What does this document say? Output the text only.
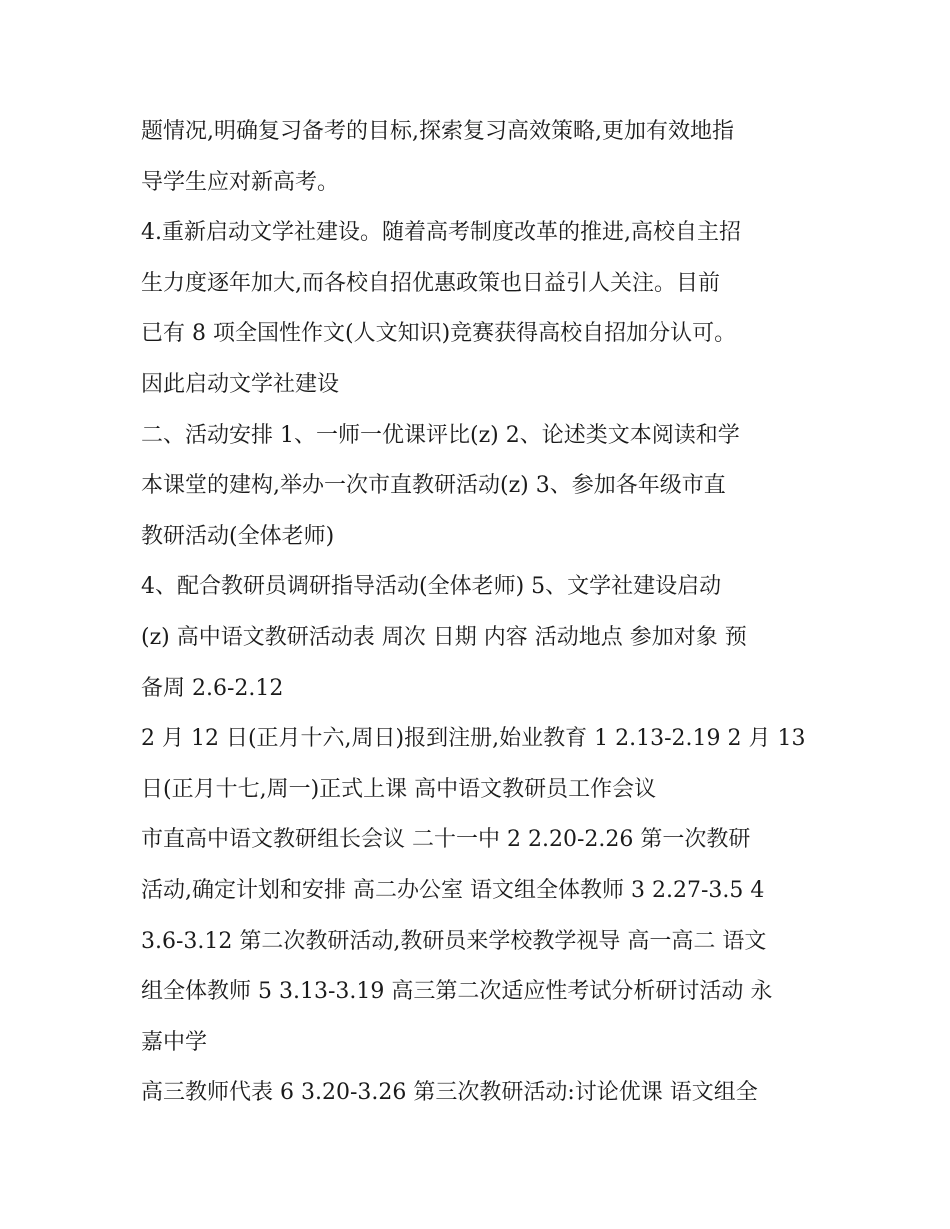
题情况,明确复习备考的目标,探索复习高效策略,更加有效地指
导学生应对新高考。
4.重新启动文学社建设。随着高考制度改革的推进,高校自主招
生力度逐年加大,而各校自招优惠政策也日益引人关注。目前
已有 8 项全国性作文(人文知识)竞赛获得高校自招加分认可。
因此启动文学社建设
二、活动安排 1、一师一优课评比(z) 2、论述类文本阅读和学
本课堂的建构,举办一次市直教研活动(z) 3、参加各年级市直
教研活动(全体老师)
4、配合教研员调研指导活动(全体老师) 5、文学社建设启动
(z) 高中语文教研活动表 周次 日期 内容 活动地点 参加对象 预
备周 2.6-2.12
2 月 12 日(正月十六,周日)报到注册,始业教育 1 2.13-2.19 2 月 13
日(正月十七,周一)正式上课 高中语文教研员工作会议
市直高中语文教研组长会议 二十一中 2 2.20-2.26 第一次教研
活动,确定计划和安排 高二办公室 语文组全体教师 3 2.27-3.5 4
3.6-3.12 第二次教研活动,教研员来学校教学视导 高一高二 语文
组全体教师 5 3.13-3.19 高三第二次适应性考试分析研讨活动 永
嘉中学
高三教师代表 6 3.20-3.26 第三次教研活动:讨论优课 语文组全
